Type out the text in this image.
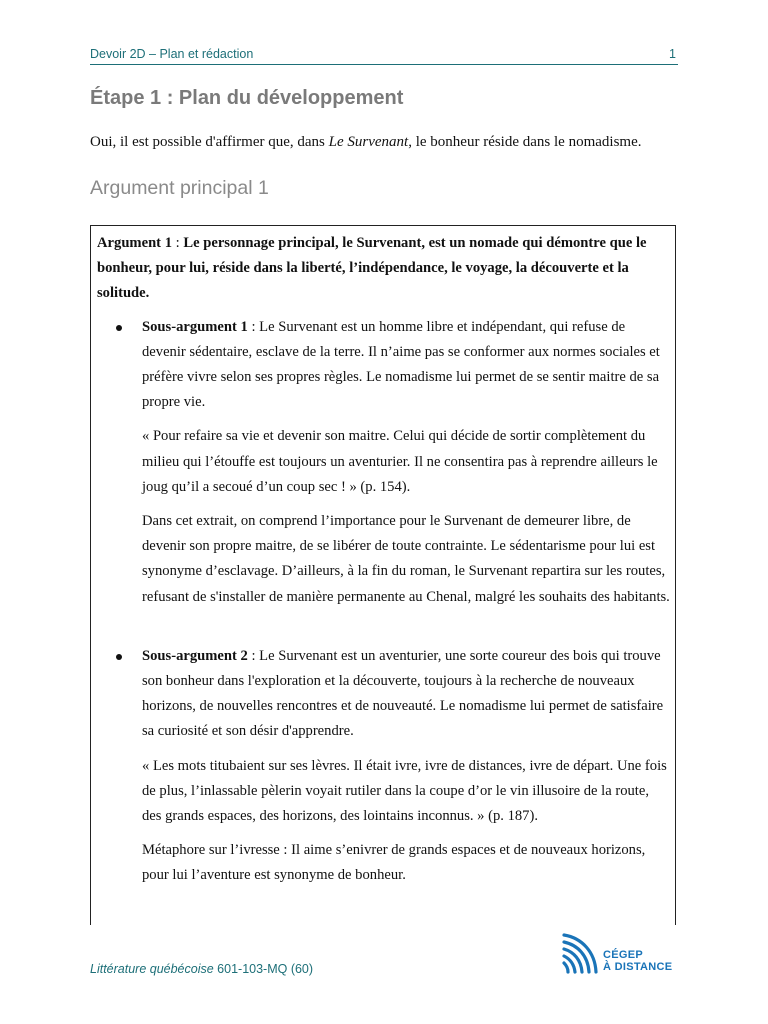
Devoir 2D – Plan et rédaction	1
Étape 1 : Plan du développement
Oui, il est possible d'affirmer que, dans Le Survenant, le bonheur réside dans le nomadisme.
Argument principal 1

Argument 1 : Le personnage principal, le Survenant, est un nomade qui démontre que le bonheur, pour lui, réside dans la liberté, l’indépendance, le voyage, la découverte et la solitude.

Sous-argument 1 : Le Survenant est un homme libre et indépendant, qui refuse de devenir sédentaire, esclave de la terre. Il n’aime pas se conformer aux normes sociales et préfère vivre selon ses propres règles. Le nomadisme lui permet de se sentir maitre de sa propre vie.

« Pour refaire sa vie et devenir son maitre. Celui qui décide de sortir complètement du milieu qui l’étouffe est toujours un aventurier. Il ne consentira pas à reprendre ailleurs le joug qu’il a secoué d’un coup sec ! » (p. 154).

Dans cet extrait, on comprend l’importance pour le Survenant de demeurer libre, de devenir son propre maitre, de se libérer de toute contrainte. Le sédentarisme pour lui est synonyme d’esclavage. D’ailleurs, à la fin du roman, le Survenant repartira sur les routes, refusant de s'installer de manière permanente au Chenal, malgré les souhaits des habitants.

Sous-argument 2 : Le Survenant est un aventurier, une sorte coureur des bois qui trouve son bonheur dans l'exploration et la découverte, toujours à la recherche de nouveaux horizons, de nouvelles rencontres et de nouveauté. Le nomadisme lui permet de satisfaire sa curiosité et son désir d'apprendre.

« Les mots titubaient sur ses lèvres. Il était ivre, ivre de distances, ivre de départ. Une fois de plus, l’inlassable pèlerin voyait rutiler dans la coupe d’or le vin illusoire de la route, des grands espaces, des horizons, des lointains inconnus. » (p. 187).

Métaphore sur l’ivresse : Il aime s’enivrer de grands espaces et de nouveaux horizons, pour lui l’aventure est synonyme de bonheur.

Littérature québécoise 601-103-MQ (60)
CÉGEP
À DISTANCE
